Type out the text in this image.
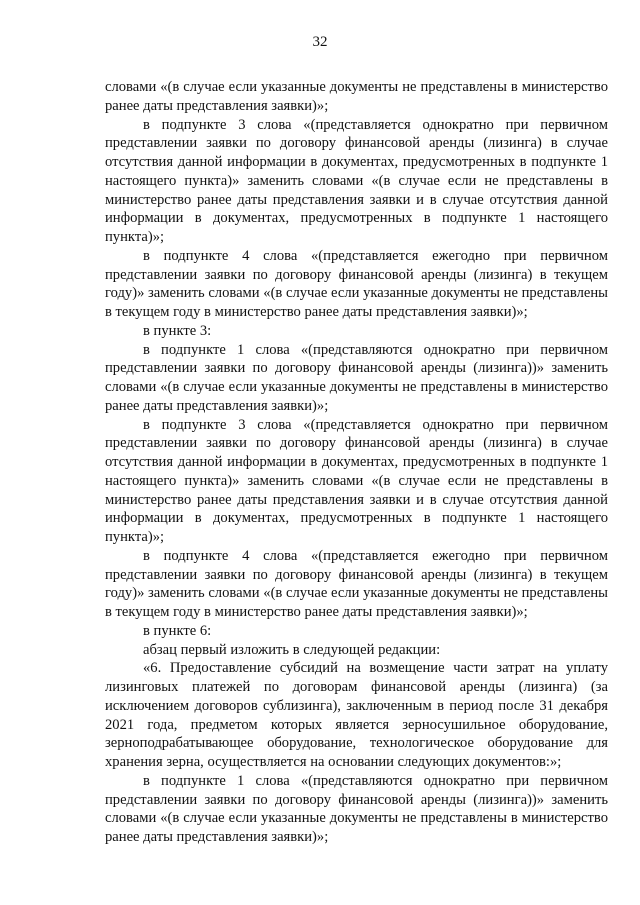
32

словами «(в случае если указанные документы не представлены в министерство ранее даты представления заявки)»;

в подпункте 3 слова «(представляется однократно при первичном представлении заявки по договору финансовой аренды (лизинга) в случае отсутствия данной информации в документах, предусмотренных в подпункте 1 настоящего пункта)» заменить словами «(в случае если не представлены в министерство ранее даты представления заявки и в случае отсутствия данной информации в документах, предусмотренных в подпункте 1 настоящего пункта)»;

в подпункте 4 слова «(представляется ежегодно при первичном представлении заявки по договору финансовой аренды (лизинга) в текущем году)» заменить словами «(в случае если указанные документы не представлены в текущем году в министерство ранее даты представления заявки)»;

в пункте 3:

в подпункте 1 слова «(представляются однократно при первичном представлении заявки по договору финансовой аренды (лизинга))» заменить словами «(в случае если указанные документы не представлены в министерство ранее даты представления заявки)»;

в подпункте 3 слова «(представляется однократно при первичном представлении заявки по договору финансовой аренды (лизинга) в случае отсутствия данной информации в документах, предусмотренных в подпункте 1 настоящего пункта)» заменить словами «(в случае если не представлены в министерство ранее даты представления заявки и в случае отсутствия данной информации в документах, предусмотренных в подпункте 1 настоящего пункта)»;

в подпункте 4 слова «(представляется ежегодно при первичном представлении заявки по договору финансовой аренды (лизинга) в текущем году)» заменить словами «(в случае если указанные документы не представлены в текущем году в министерство ранее даты представления заявки)»;

в пункте 6:

абзац первый изложить в следующей редакции:

«6. Предоставление субсидий на возмещение части затрат на уплату лизинговых платежей по договорам финансовой аренды (лизинга) (за исключением договоров сублизинга), заключенным в период после 31 декабря 2021 года, предметом которых является зерносушильное оборудование, зерноподрабатывающее оборудование, технологическое оборудование для хранения зерна, осуществляется на основании следующих документов:»;

в подпункте 1 слова «(представляются однократно при первичном представлении заявки по договору финансовой аренды (лизинга))» заменить словами «(в случае если указанные документы не представлены в министерство ранее даты представления заявки)»;
